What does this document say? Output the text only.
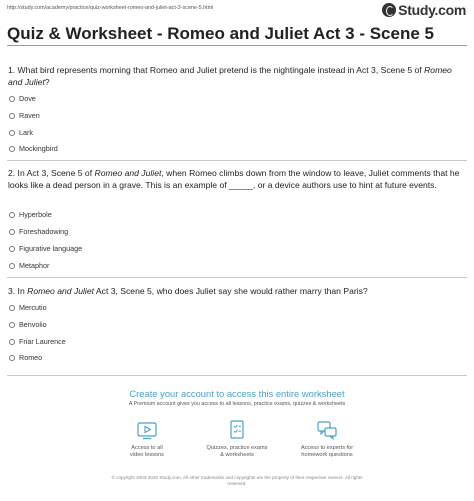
http://study.com/academy/practice/quiz-worksheet-romeo-and-juliet-act-3-scene-5.html	Study.com
Quiz & Worksheet - Romeo and Juliet Act 3 - Scene 5
1. What bird represents morning that Romeo and Juliet pretend is the nightingale instead in Act 3, Scene 5 of Romeo and Juliet?
Dove
Raven
Lark
Mockingbird
2. In Act 3, Scene 5 of Romeo and Juliet, when Romeo climbs down from the window to leave, Juliet comments that he looks like a dead person in a grave. This is an example of _____, or a device authors use to hint at future events.
Hyperbole
Foreshadowing
Figurative language
Metaphor
3. In Romeo and Juliet Act 3, Scene 5, who does Juliet say she would rather marry than Paris?
Mercutio
Benvolio
Friar Laurence
Romeo
Create your account to access this entire worksheet
A Premium account gives you access to all lessons, practice exams, quizzes & worksheets
Access to all
video lessons
Quizzes, practice exams
& worksheets
Access to experts for
homework questions
© copyright 2003-2020 Study.com. All other trademarks and copyrights are the property of their respective owners. All rights
reserved.
